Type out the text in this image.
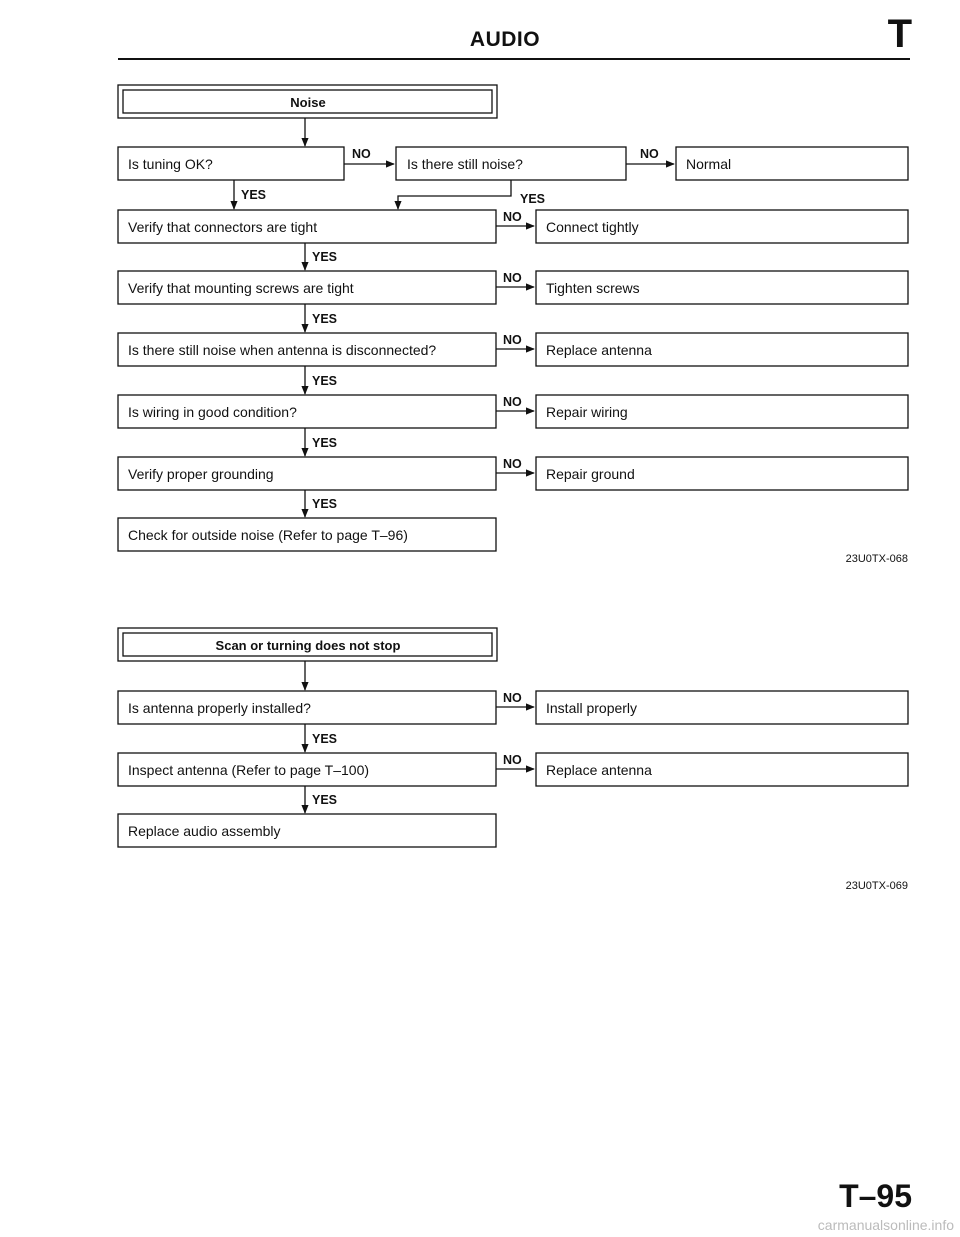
AUDIO	T
Noise
Is tuning OK?	Is there still noise?	Normal
Verify that connectors are tight	Connect tightly
Verify that mounting screws are tight	Tighten screws
Is there still noise when antenna is disconnected?	Replace antenna
Is wiring in good condition?	Repair wiring
Verify proper grounding	Repair ground
Check for outside noise (Refer to page T–96)
NO	NO
NO
NO
NO
NO
NO
YES	YES
YES
YES
YES
YES
YES
Scan or turning does not stop
Is antenna properly installed?	Install properly
Inspect antenna (Refer to page T–100)	Replace antenna
Replace audio assembly
NO
NO
YES
YES
23U0TX-068
23U0TX-069
T–95
carmanualsonline.info
